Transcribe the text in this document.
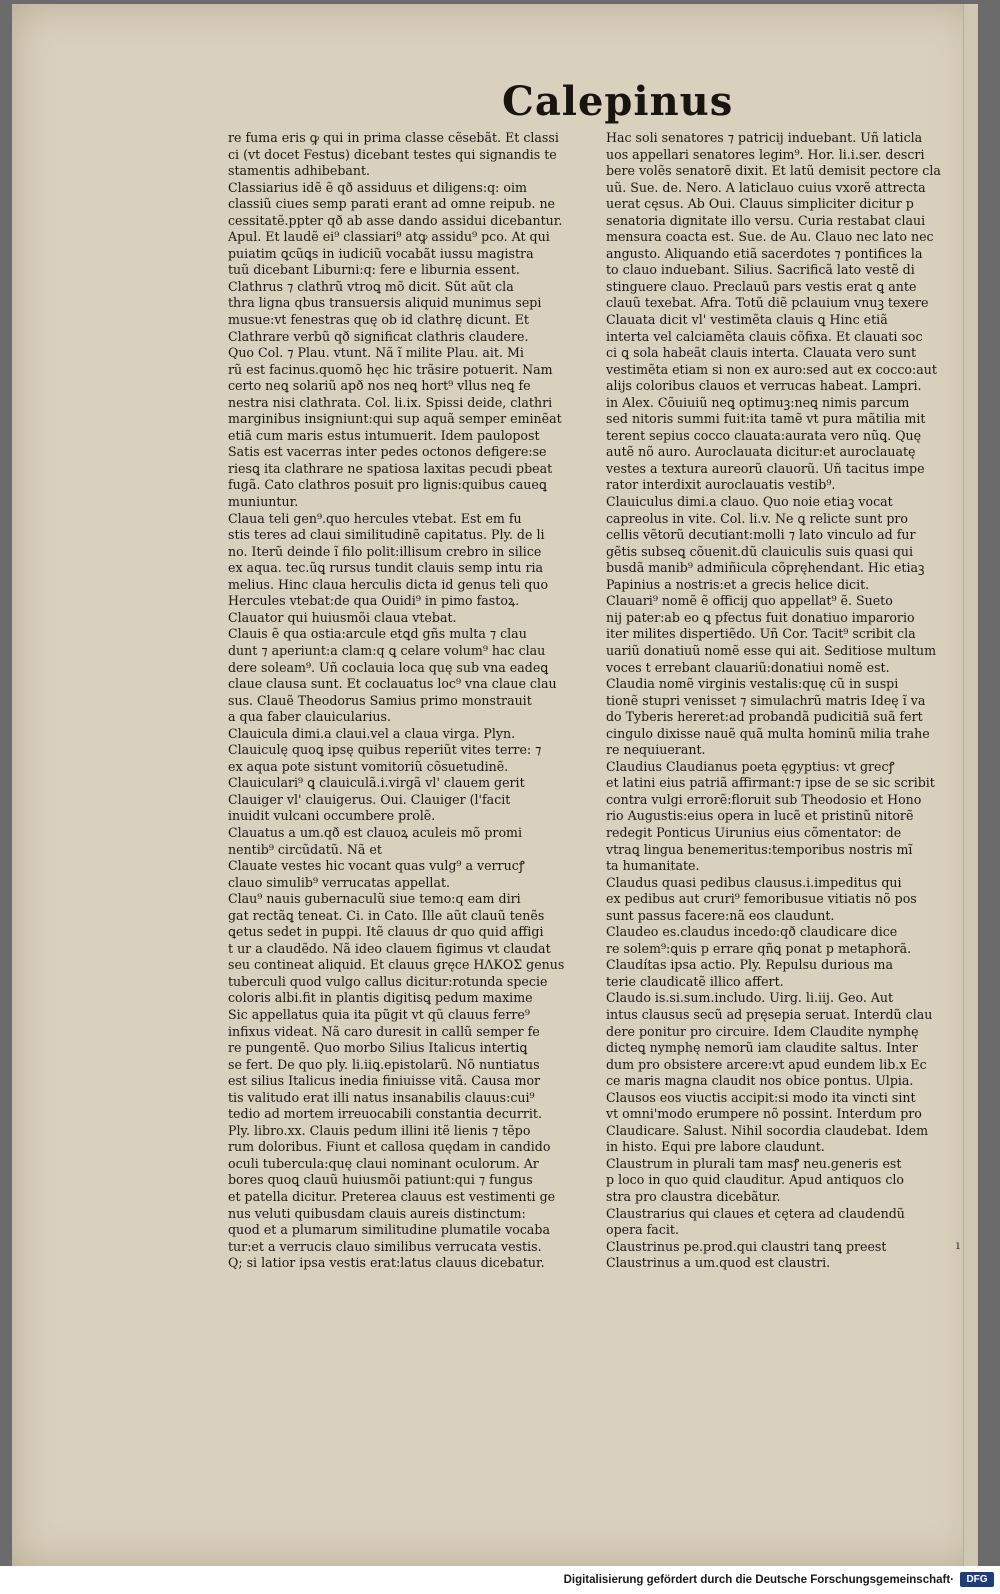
Calepinus
re fuma eris ꝙ qui in prima classe cẽsebãt. Et classi
ci (vt docet Festus) dicebant testes qui signandis te
stamentis adhibebant.
Classiarius idẽ ẽ qð assiduus et diligens:q: oim
classiũ ciues semp parati erant ad omne reipub. ne
cessitatẽ.ppter qð ab asse dando assidui dicebantur.
Apul. Et laudẽ ei⁹ classiari⁹ atꝙ assidu⁹ pco. At qui
puiatim ꝗcũꝗs in iudiciũ vocabãt iussu magistra
tuũ dicebant Liburni:q: fere e liburnia essent.
Clathrus ⁊ clathrũ vtroꝗ mõ dicit. Sũt aũt cla
thra ligna qbus transuersis aliquid munimus sepi
musue:vt fenestras quę ob id clathrę dicunt. Et
Clathrare verbũ qð significat clathris claudere.
Quo Col. ⁊ Plau. vtunt. Nã ĩ milite Plau. ait. Mi
rũ est facinus.quomõ hęc hic trãsire potuerit. Nam
certo neꝗ solariũ apð nos neꝗ hort⁹ vllus neꝗ fe
nestra nisi clathrata. Col. li.ix. Spissi deide, clathri
marginibus insigniunt:qui sup aquã semper eminẽat
etiã cum maris estus intumuerit. Idem paulopost
Satis est vacerras inter pedes octonos defigere:se
riesꝗ ita clathrare ne spatiosa laxitas pecudi pbeat
fugã. Cato clathros posuit pro lignis:quibus caueꝗ
muniuntur.
Claua teli gen⁹.quo hercules vtebat. Est em fu
stis teres ad claui similitudinẽ capitatus. Ply. de li
no. Iterũ deinde ĩ filo polit:illisum crebro in silice
ex aqua. tec.ũꝗ rursus tundit clauis semp intu ria
melius. Hinc claua herculis dicta id genus teli quo
Hercules vtebat:de qua Ouidi⁹ in pimo fastoꝝ.
Clauator qui huiusmõi claua vtebat.
Clauis ẽ qua ostia:arcule etꝗd gñs multa ⁊ clau
dunt ⁊ aperiunt:a clam:q ꝗ celare volum⁹ hac clau
dere soleam⁹. Uñ coclauia loca quę sub vna eadeꝗ
claue clausa sunt. Et coclauatus loc⁹ vna claue clau
sus. Clauẽ Theodorus Samius primo monstrauit
a qua faber clauicularius.
Clauicula dimi.a claui.vel a claua virga. Plyn.
Clauiculę quoꝗ ipsę quibus reperiũt vites terre: ⁊
ex aqua pote sistunt vomitoriũ cõsuetudinẽ.
Clauiculari⁹ ꝗ clauiculã.i.virgã vl' clauem gerit
Clauiger vl' clauigerus. Oui. Clauiger (l'facit
inuidit vulcani occumbere prolẽ.
Clauatus a um.qð est clauoꝝ aculeis mõ promi
nentib⁹ circũdatũ. Nã et
Clauate vestes hic vocant quas vulg⁹ a verrucꝭ
clauo simulib⁹ verrucatas appellat.
Clau⁹ nauis gubernaculũ siue temo:q eam diri
gat rectãꝗ teneat. Ci. in Cato. Ille aũt clauũ tenẽs
ꝗetus sedet in puppi. Itẽ clauus dr quo quid affigi
t ur a claudẽdo. Nã ideo clauem figimus vt claudat
seu contineat aliquid. Et clauus gręce ΗΛΚΟΣ genus
tuberculi quod vulgo callus dicitur:rotunda specie
coloris albi.fit in plantis digitisꝗ pedum maxime
Sic appellatus quia ita pũgit vt qũ clauus ferre⁹
infixus videat. Nã caro duresit in callũ semper fe
re pungentẽ. Quo morbo Silius Italicus intertiꝗ
se fert. De quo ply. li.iiꝗ.epistolarũ. Nõ nuntiatus
est silius Italicus inedia finiuisse vitã. Causa mor
tis valitudo erat illi natus insanabilis clauus:cui⁹
tedio ad mortem irreuocabili constantia decurrit.
Ply. libro.xx. Clauis pedum illini itẽ lienis ⁊ tẽpo
rum doloribus. Fiunt et callosa quędam in candido
oculi tubercula:quę claui nominant oculorum. Ar
bores quoꝗ clauũ huiusmõi patiunt:qui ⁊ fungus
et patella dicitur. Preterea clauus est vestimenti ge
nus veluti quibusdam clauis aureis distinctum:
quod et a plumarum similitudine plumatile vocaba
tur:et a verrucis clauo similibus verrucata vestis.
Q; si latior ipsa vestis erat:latus clauus dicebatur.
Hac soli senatores ⁊ patricij induebant. Uñ laticla
uos appellari senatores legim⁹. Hor. li.i.ser. descri
bere volẽs senatorẽ dixit. Et latũ demisit pectore cla
uũ. Sue. de. Nero. A laticlauo cuius vxorẽ attrecta
uerat cęsus. Ab Oui. Clauus simpliciter dicitur p
senatoria dignitate illo versu. Curia restabat claui
mensura coacta est. Sue. de Au. Clauo nec lato nec
angusto. Aliquando etiã sacerdotes ⁊ pontifices la
to clauo induebant. Silius. Sacrificã lato vestẽ di
stinguere clauo. Preclauũ pars vestis erat ꝗ ante
clauũ texebat. Afra. Totũ diẽ pclauium vnuꝫ texere
Clauata dicit vl' vestimẽta clauis ꝗ Hinc etiã
interta vel calciamẽta clauis cõfixa. Et clauati soc
ci ꝗ sola habeãt clauis interta. Clauata vero sunt
vestimẽta etiam si non ex auro:sed aut ex cocco:aut
alijs coloribus clauos et verrucas habeat. Lampri.
in Alex. Cõuiuiũ neꝗ optimuꝫ:neꝗ nimis parcum
sed nitoris summi fuit:ita tamẽ vt pura mãtilia mit
terent sepius cocco clauata:aurata vero nũꝗ. Quę
autẽ nõ auro. Auroclauata dicitur:et auroclauatę
vestes a textura aureorũ clauorũ. Uñ tacitus impe
rator interdixit auroclauatis vestib⁹.
Clauiculus dimi.a clauo. Quo noie etiaꝫ vocat
capreolus in vite. Col. li.v. Ne ꝗ relicte sunt pro
cellis vẽtorũ decutiant:molli ⁊ lato vinculo ad fur
gẽtis subseꝗ cõuenit.dũ clauiculis suis quasi qui
busdã manib⁹ admiñicula cõpręhendant. Hic etiaꝫ
Papinius a nostris:et a grecis helice dicit.
Clauari⁹ nomẽ ẽ officij quo appellat⁹ ẽ. Sueto
nij pater:ab eo ꝗ pfectus fuit donatiuo imparorio
iter milites dispertiẽdo. Uñ Cor. Tacit⁹ scribit cla
uariũ donatiuũ nomẽ esse qui ait. Seditiose multum
voces t errebant clauariũ:donatiui nomẽ est.
Claudia nomẽ virginis vestalis:quę cũ in suspi
tionẽ stupri venisset ⁊ simulachrũ matris Ideę ĩ va
do Tyberis hereret:ad probandã pudicitiã suã fert
cingulo dixisse nauẽ quã multa hominũ milia trahe
re nequiuerant.
Claudius Claudianus poeta ęgyptius: vt grecꝭ
et latini eius patriã affirmant:⁊ ipse de se sic scribit
contra vulgi errorẽ:floruit sub Theodosio et Hono
rio Augustis:eius opera in lucẽ et pristinũ nitorẽ
redegit Ponticus Uirunius eius cõmentator: de
vtraꝗ lingua benemeritus:temporibus nostris mĩ
ta humanitate.
Claudus quasi pedibus clausus.i.impeditus qui
ex pedibus aut cruri⁹ femoribusue vitiatis nõ pos
sunt passus facere:nã eos claudunt.
Claudeo es.claudus incedo:qð claudicare dice
re solem⁹:ꝗuis p errare qñꝗ ponat p metaphorã.
Claudítas ipsa actio. Ply. Repulsu durious ma
terie claudicatẽ illico affert.
Claudo is.si.sum.includo. Uirg. li.iij. Geo. Aut
intus clausus secũ ad pręsepia seruat. Interdũ clau
dere ponitur pro circuire. Idem Claudite nymphę
dicteꝗ nymphę nemorũ iam claudite saltus. Inter
dum pro obsistere arcere:vt apud eundem lib.x Ec
ce maris magna claudit nos obice pontus. Ulpia.
Clausos eos viuctis accipit:si modo ita vincti sint
vt omni'modo erumpere nõ possint. Interdum pro
Claudicare. Salust. Nihil socordia claudebat. Idem
in histo. Equi pre labore claudunt.
Claustrum in plurali tam masꝭ neu.generis est
p loco in quo quid clauditur. Apud antiquos clo
stra pro claustra dicebãtur.
Claustrarius qui claues et cętera ad claudendũ
opera facit.
Claustrinus pe.prod.qui claustri tanꝗ preest
Claustrinus a um.quod est claustri.
ı
Digitalisierung gefördert durch die Deutsche Forschungsgemeinschaft·	DFG
